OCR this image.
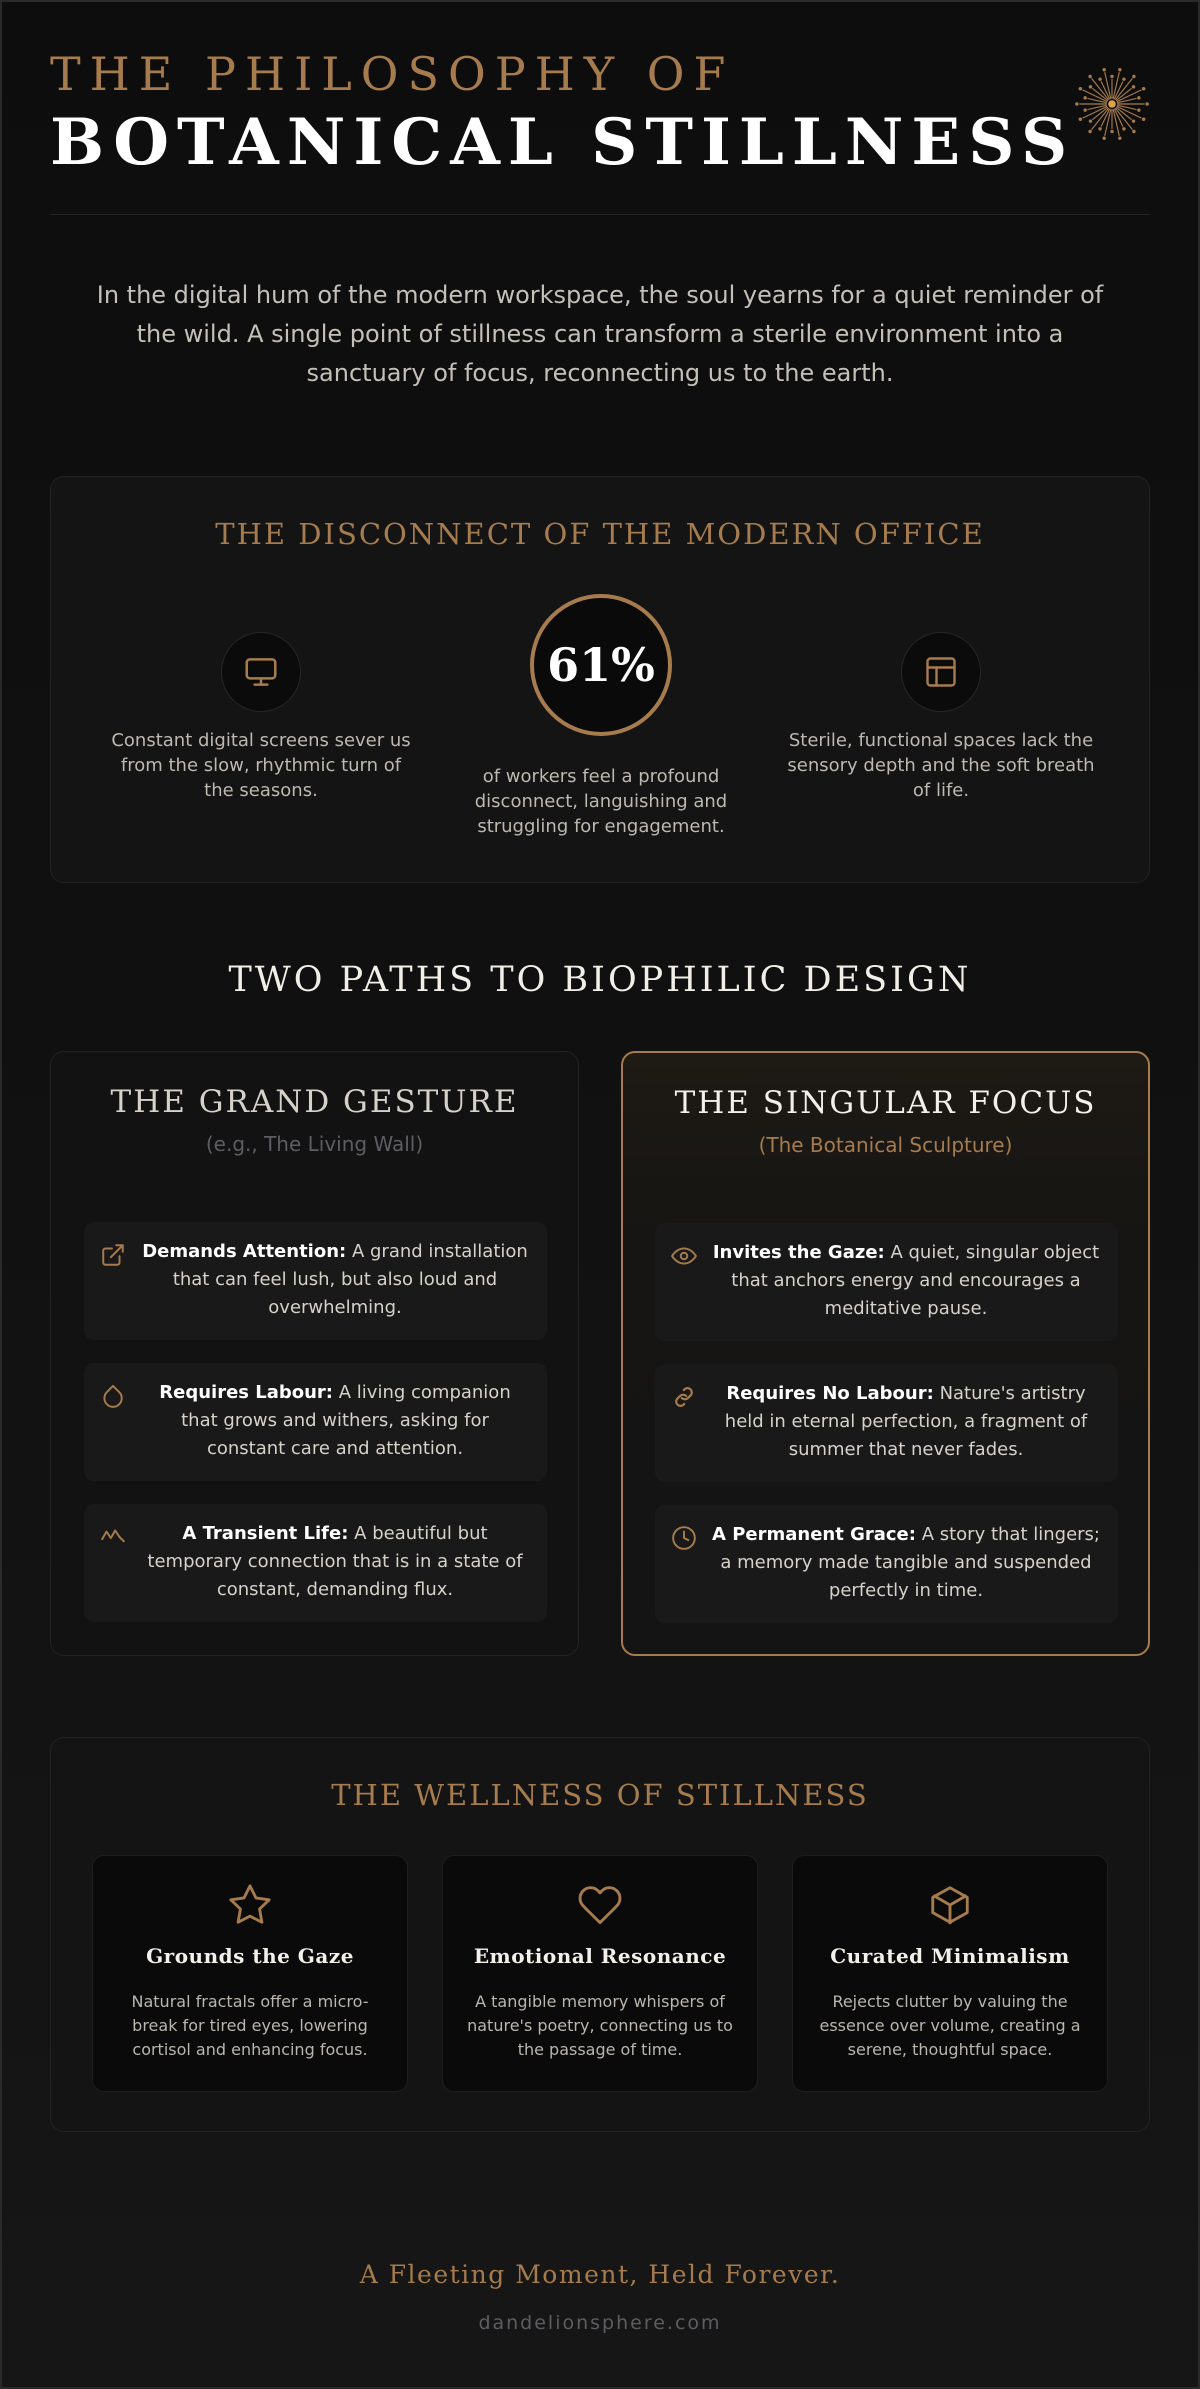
THE PHILOSOPHY OF
BOTANICAL STILLNESS
In the digital hum of the modern workspace, the soul yearns for a quiet reminder of the wild. A single point of stillness can transform a sterile environment into a sanctuary of focus, reconnecting us to the earth.
THE DISCONNECT OF THE MODERN OFFICE
Constant digital screens sever us from the slow, rhythmic turn of the seasons.
61%
of workers feel a profound disconnect, languishing and struggling for engagement.
Sterile, functional spaces lack the sensory depth and the soft breath of life.
TWO PATHS TO BIOPHILIC DESIGN
THE GRAND GESTURE
(e.g., The Living Wall)
Demands Attention: A grand installation that can feel lush, but also loud and overwhelming.
Requires Labour: A living companion that grows and withers, asking for constant care and attention.
A Transient Life: A beautiful but temporary connection that is in a state of constant, demanding flux.
THE SINGULAR FOCUS
(The Botanical Sculpture)
Invites the Gaze: A quiet, singular object that anchors energy and encourages a meditative pause.
Requires No Labour: Nature's artistry held in eternal perfection, a fragment of summer that never fades.
A Permanent Grace: A story that lingers; a memory made tangible and suspended perfectly in time.
THE WELLNESS OF STILLNESS
Grounds the Gaze
Natural fractals offer a micro-break for tired eyes, lowering cortisol and enhancing focus.
Emotional Resonance
A tangible memory whispers of nature's poetry, connecting us to the passage of time.
Curated Minimalism
Rejects clutter by valuing the essence over volume, creating a serene, thoughtful space.
A Fleeting Moment, Held Forever.
dandelionsphere.com
